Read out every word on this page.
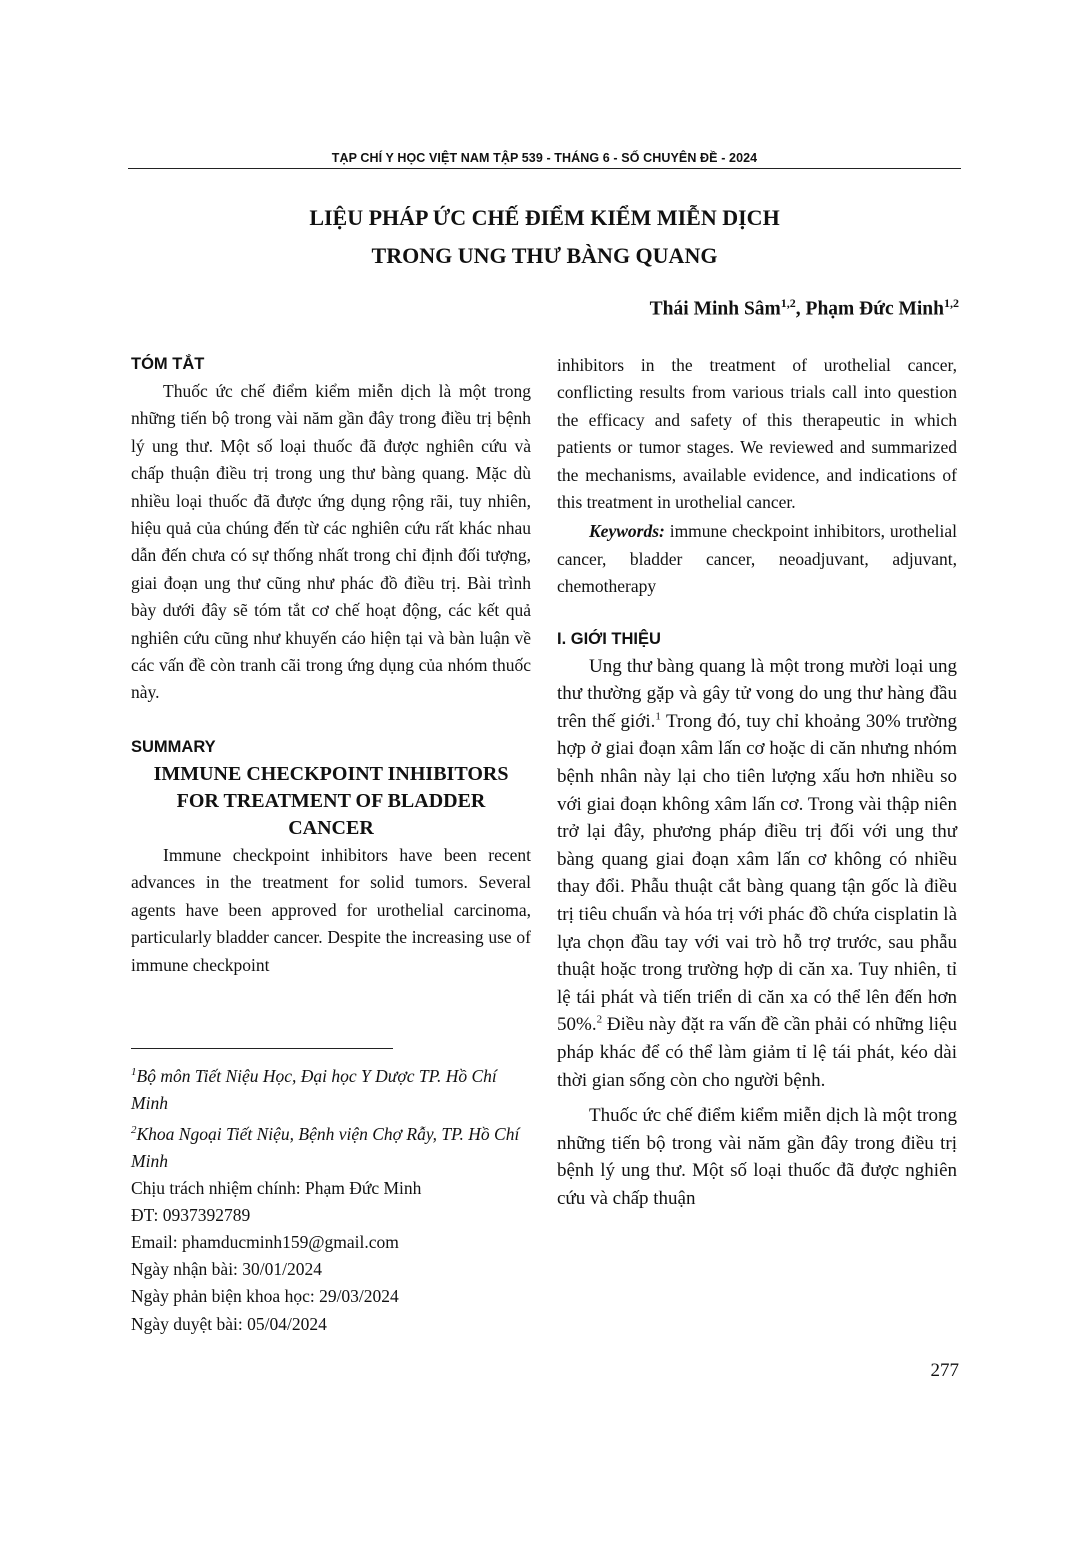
TẠP CHÍ Y HỌC VIỆT NAM TẬP 539 - THÁNG 6 - SỐ CHUYÊN ĐỀ - 2024
LIỆU PHÁP ỨC CHẾ ĐIỂM KIỂM MIỄN DỊCH
TRONG UNG THƯ BÀNG QUANG
Thái Minh Sâm$^{1,2}$, Phạm Đức Minh$^{1,2}$
TÓM TẮT

Thuốc ức chế điểm kiểm miễn dịch là một trong những tiến bộ trong vài năm gần đây trong điều trị bệnh lý ung thư. Một số loại thuốc đã được nghiên cứu và chấp thuận điều trị trong ung thư bàng quang. Mặc dù nhiều loại thuốc đã được ứng dụng rộng rãi, tuy nhiên, hiệu quả của chúng đến từ các nghiên cứu rất khác nhau dẫn đến chưa có sự thống nhất trong chỉ định đối tượng, giai đoạn ung thư cũng như phác đồ điều trị. Bài trình bày dưới đây sẽ tóm tắt cơ chế hoạt động, các kết quả nghiên cứu cũng như khuyến cáo hiện tại và bàn luận về các vấn đề còn tranh cãi trong ứng dụng của nhóm thuốc này.

SUMMARY

IMMUNE CHECKPOINT INHIBITORS

FOR TREATMENT OF BLADDER

CANCER

Immune checkpoint inhibitors have been recent advances in the treatment for solid tumors. Several agents have been approved for urothelial carcinoma, particularly bladder cancer. Despite the increasing use of immune checkpoint

$^1$Bộ môn Tiết Niệu Học, Đại học Y Dược TP. Hồ Chí Minh

$^2$Khoa Ngoại Tiết Niệu, Bệnh viện Chợ Rẫy, TP. Hồ Chí Minh

Chịu trách nhiệm chính: Phạm Đức Minh

ĐT: 0937392789

Email: phamducminh159@gmail.com

Ngày nhận bài: 30/01/2024

Ngày phản biện khoa học: 29/03/2024

Ngày duyệt bài: 05/04/2024

inhibitors in the treatment of urothelial cancer, conflicting results from various trials call into question the efficacy and safety of this therapeutic in which patients or tumor stages. We reviewed and summarized the mechanisms, available evidence, and indications of this treatment in urothelial cancer.

Keywords: immune checkpoint inhibitors, urothelial cancer, bladder cancer, neoadjuvant, adjuvant, chemotherapy

I. GIỚI THIỆU

Ung thư bàng quang là một trong mười loại ung thư thường gặp và gây tử vong do ung thư hàng đầu trên thế giới.$^1$ Trong đó, tuy chỉ khoảng 30% trường hợp ở giai đoạn xâm lấn cơ hoặc di căn nhưng nhóm bệnh nhân này lại cho tiên lượng xấu hơn nhiều so với giai đoạn không xâm lấn cơ. Trong vài thập niên trở lại đây, phương pháp điều trị đối với ung thư bàng quang giai đoạn xâm lấn cơ không có nhiều thay đổi. Phẫu thuật cắt bàng quang tận gốc là điều trị tiêu chuẩn và hóa trị với phác đồ chứa cisplatin là lựa chọn đầu tay với vai trò hỗ trợ trước, sau phẫu thuật hoặc trong trường hợp di căn xa. Tuy nhiên, tỉ lệ tái phát và tiến triển di căn xa có thể lên đến hơn 50%.$^2$ Điều này đặt ra vấn đề cần phải có những liệu pháp khác để có thể làm giảm tỉ lệ tái phát, kéo dài thời gian sống còn cho người bệnh.

Thuốc ức chế điểm kiểm miễn dịch là một trong những tiến bộ trong vài năm gần đây trong điều trị bệnh lý ung thư. Một số loại thuốc đã được nghiên cứu và chấp thuận

277
